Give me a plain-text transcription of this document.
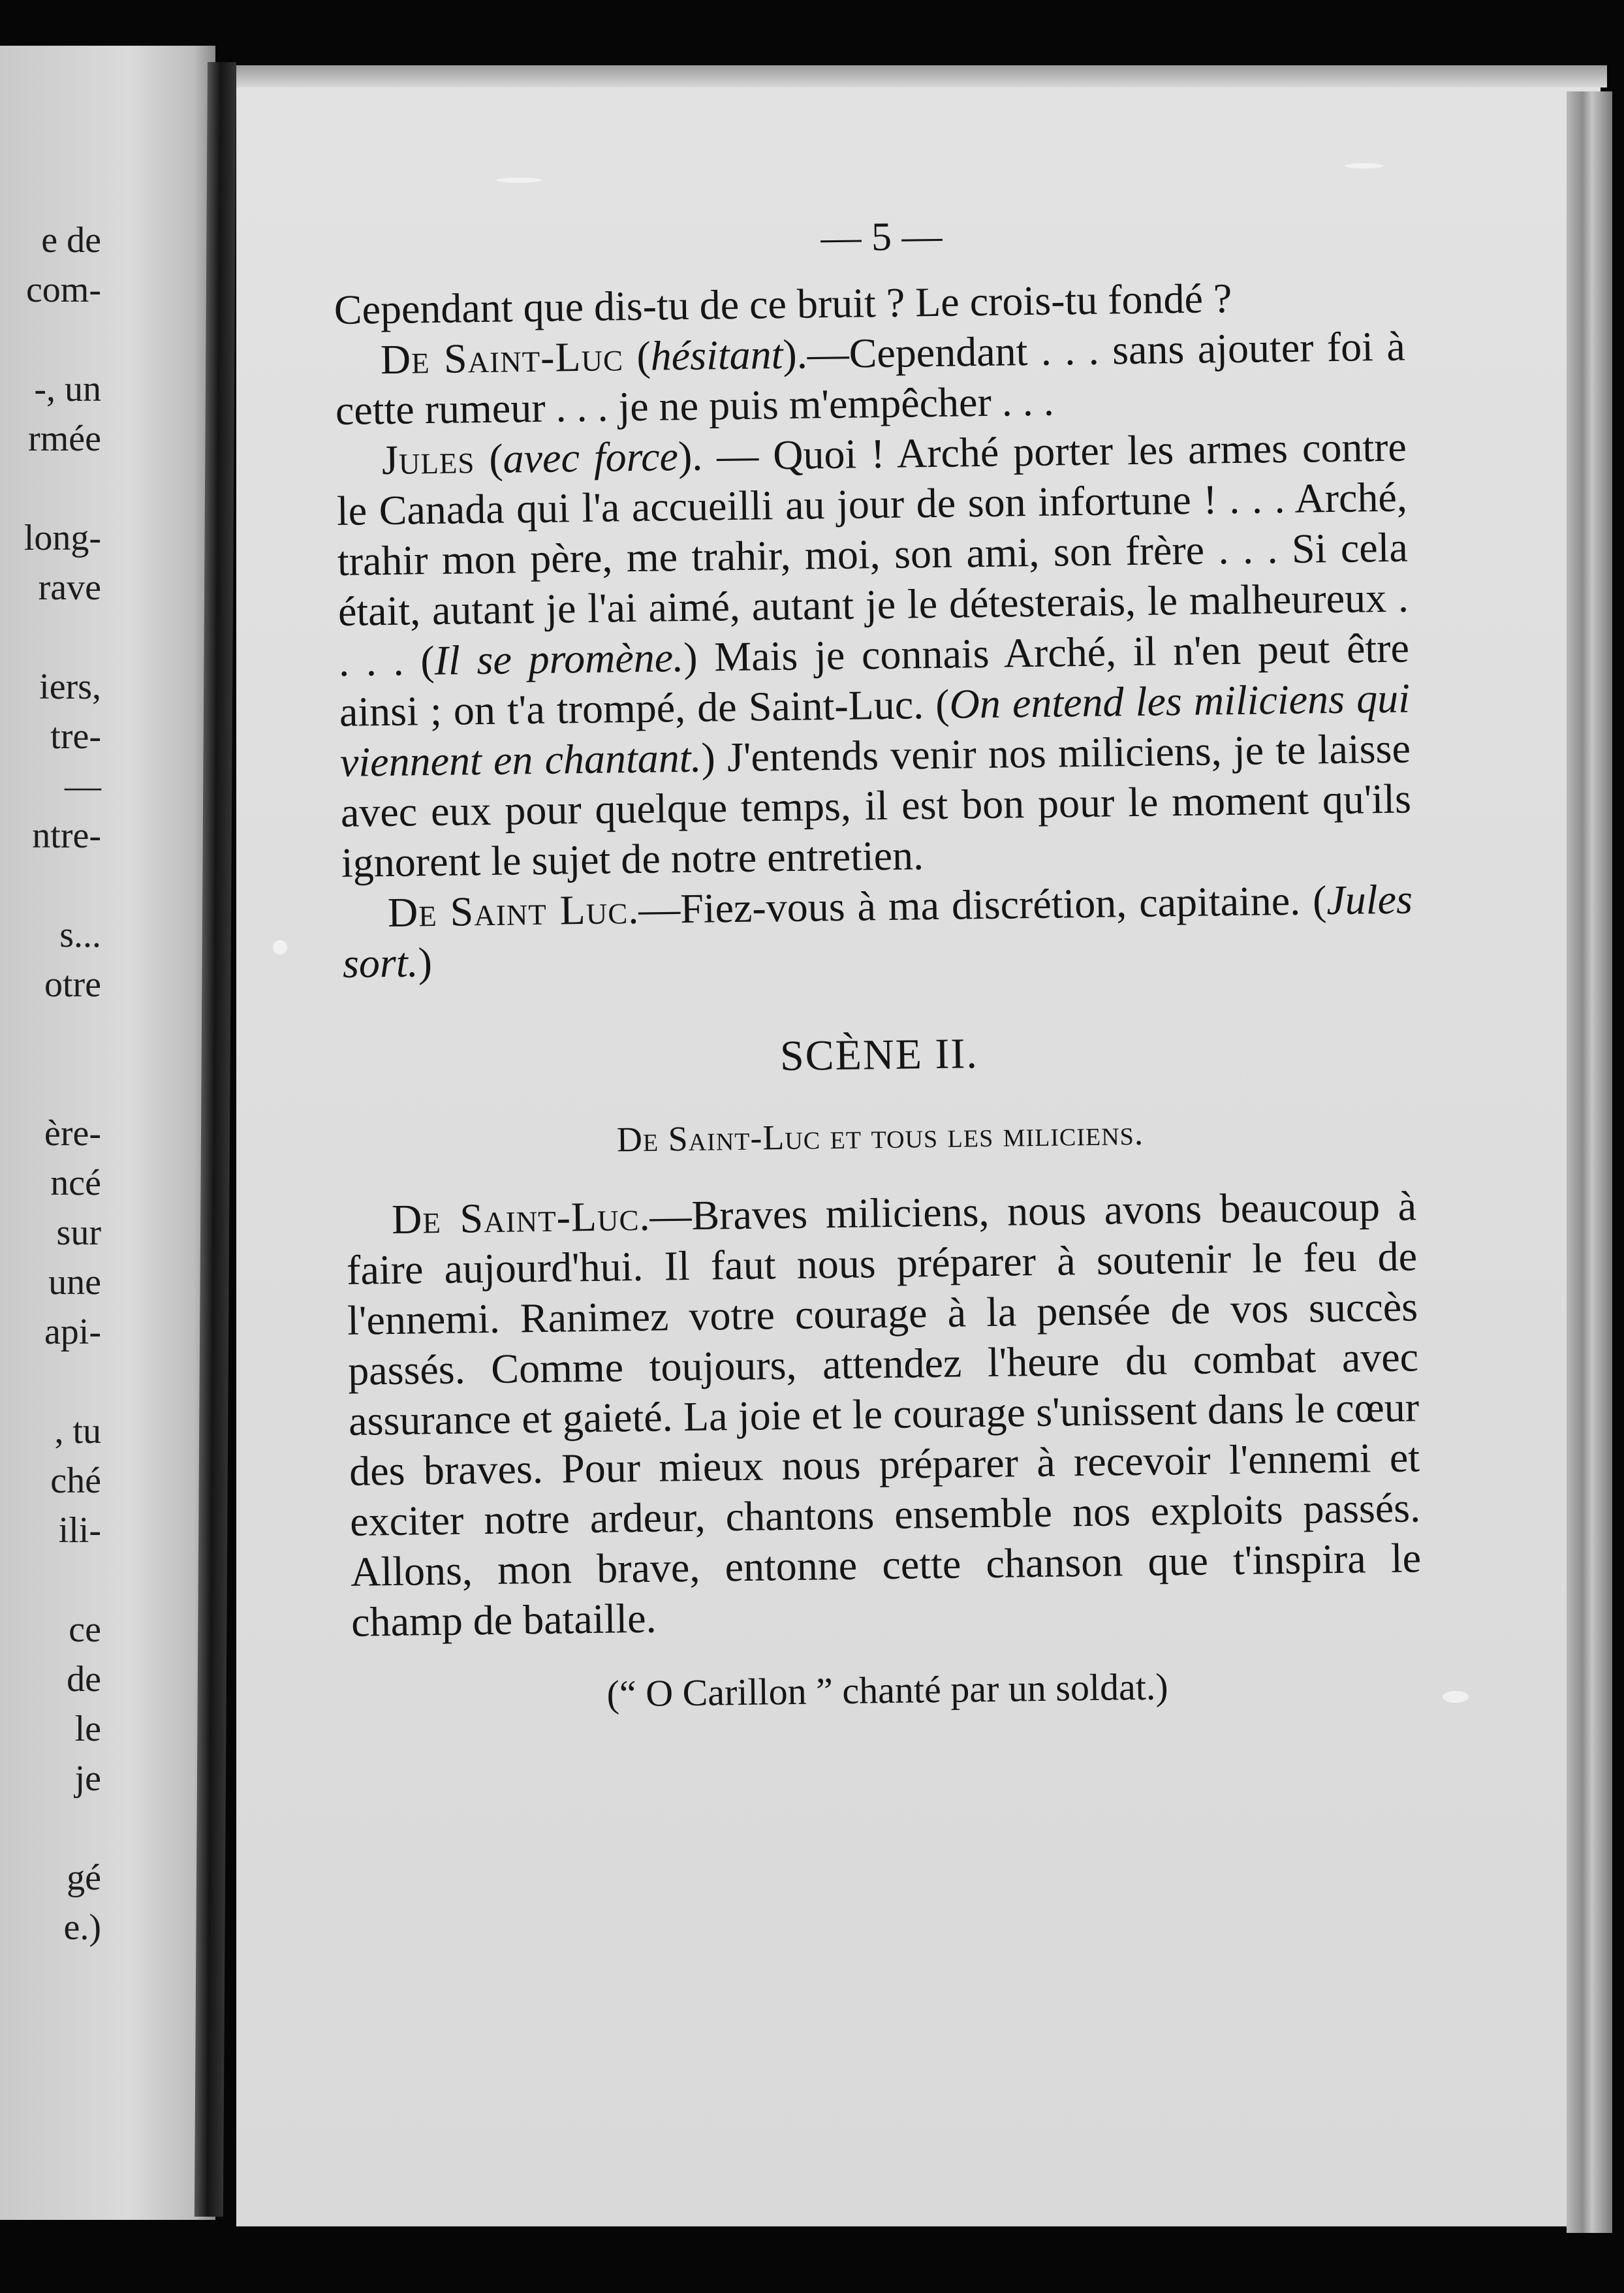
e de
com-
-, un
rmée
long-
rave
iers,
tre-
—
ntre-
s...
otre
ère-
ncé
sur
une
api-
, tu
ché
ili-
ce
de
le
je
gé
e.)
— 5 —

Cependant que dis-tu de ce bruit ? Le crois-tu fondé ?

De Saint-Luc (hésitant).—Cependant . . . sans ajouter foi à cette rumeur . . . je ne puis m'empêcher . . .

Jules (avec force). — Quoi ! Arché porter les armes contre le Canada qui l'a accueilli au jour de son infortune ! . . . Arché, trahir mon père, me trahir, moi, son ami, son frère . . . Si cela était, autant je l'ai aimé, autant je le détesterais, le malheureux . . . . (Il se promène.) Mais je connais Arché, il n'en peut être ainsi ; on t'a trompé, de Saint-Luc. (On entend les miliciens qui viennent en chantant.) J'entends venir nos miliciens, je te laisse avec eux pour quelque temps, il est bon pour le moment qu'ils ignorent le sujet de notre entretien.

De Saint Luc.—Fiez-vous à ma discrétion, capitaine. (Jules sort.)

SCÈNE II.
De Saint-Luc et tous les miliciens.

De Saint-Luc.—Braves miliciens, nous avons beaucoup à faire aujourd'hui. Il faut nous préparer à soutenir le feu de l'ennemi. Ranimez votre courage à la pensée de vos succès passés. Comme toujours, attendez l'heure du combat avec assurance et gaieté. La joie et le courage s'unissent dans le cœur des braves. Pour mieux nous préparer à recevoir l'ennemi et exciter notre ardeur, chantons ensemble nos exploits passés. Allons, mon brave, entonne cette chanson que t'inspira le champ de bataille.

(“ O Carillon ” chanté par un soldat.)
